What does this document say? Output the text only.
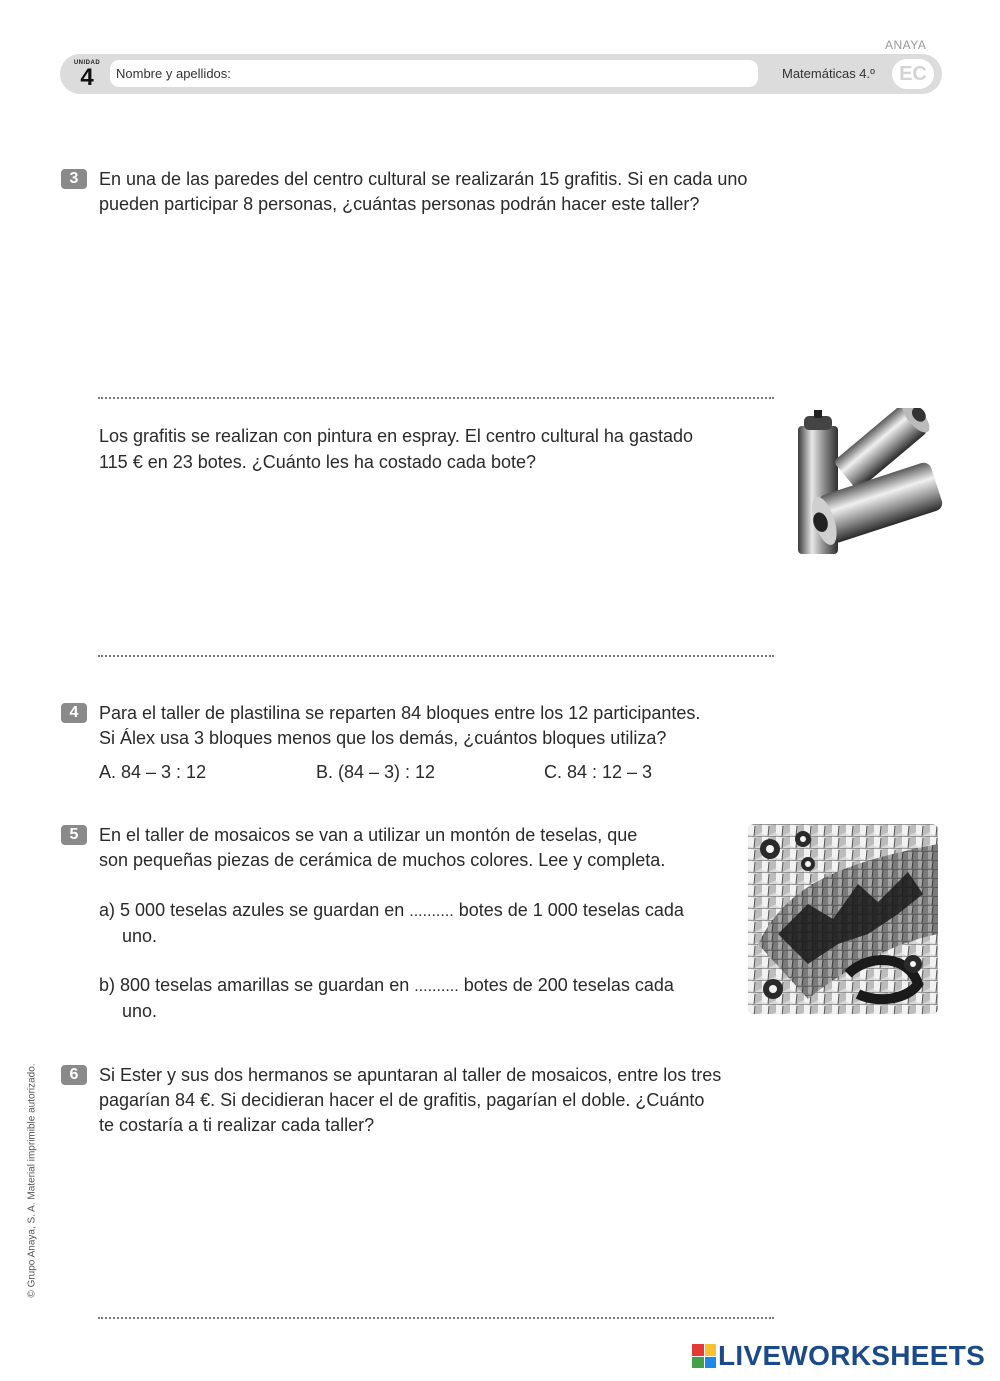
ANAYA
UNIDAD
4	Nombre y apellidos:	Matemáticas 4.º	EC
3	En una de las paredes del centro cultural se realizarán 15 grafitis. Si en cada uno
pueden participar 8 personas, ¿cuántas personas podrán hacer este taller?
Los grafitis se realizan con pintura en espray. El centro cultural ha gastado
115 € en 23 botes. ¿Cuánto les ha costado cada bote?
4	Para el taller de plastilina se reparten 84 bloques entre los 12 participantes.
Si Álex usa 3 bloques menos que los demás, ¿cuántos bloques utiliza?
A. 84 – 3 : 12	B. (84 – 3) : 12	C. 84 : 12 – 3
5	En el taller de mosaicos se van a utilizar un montón de teselas, que
son pequeñas piezas de cerámica de muchos colores. Lee y completa.
a) 5 000 teselas azules se guardan en .......... botes de 1 000 teselas cada
uno.
b) 800 teselas amarillas se guardan en .......... botes de 200 teselas cada
uno.
6	Si Ester y sus dos hermanos se apuntaran al taller de mosaicos, entre los tres
pagarían 84 €. Si decidieran hacer el de grafitis, pagarían el doble. ¿Cuánto
te costaría a ti realizar cada taller?
© Grupo Anaya, S. A. Material imprimible autorizado.
LIVEWORKSHEETS
